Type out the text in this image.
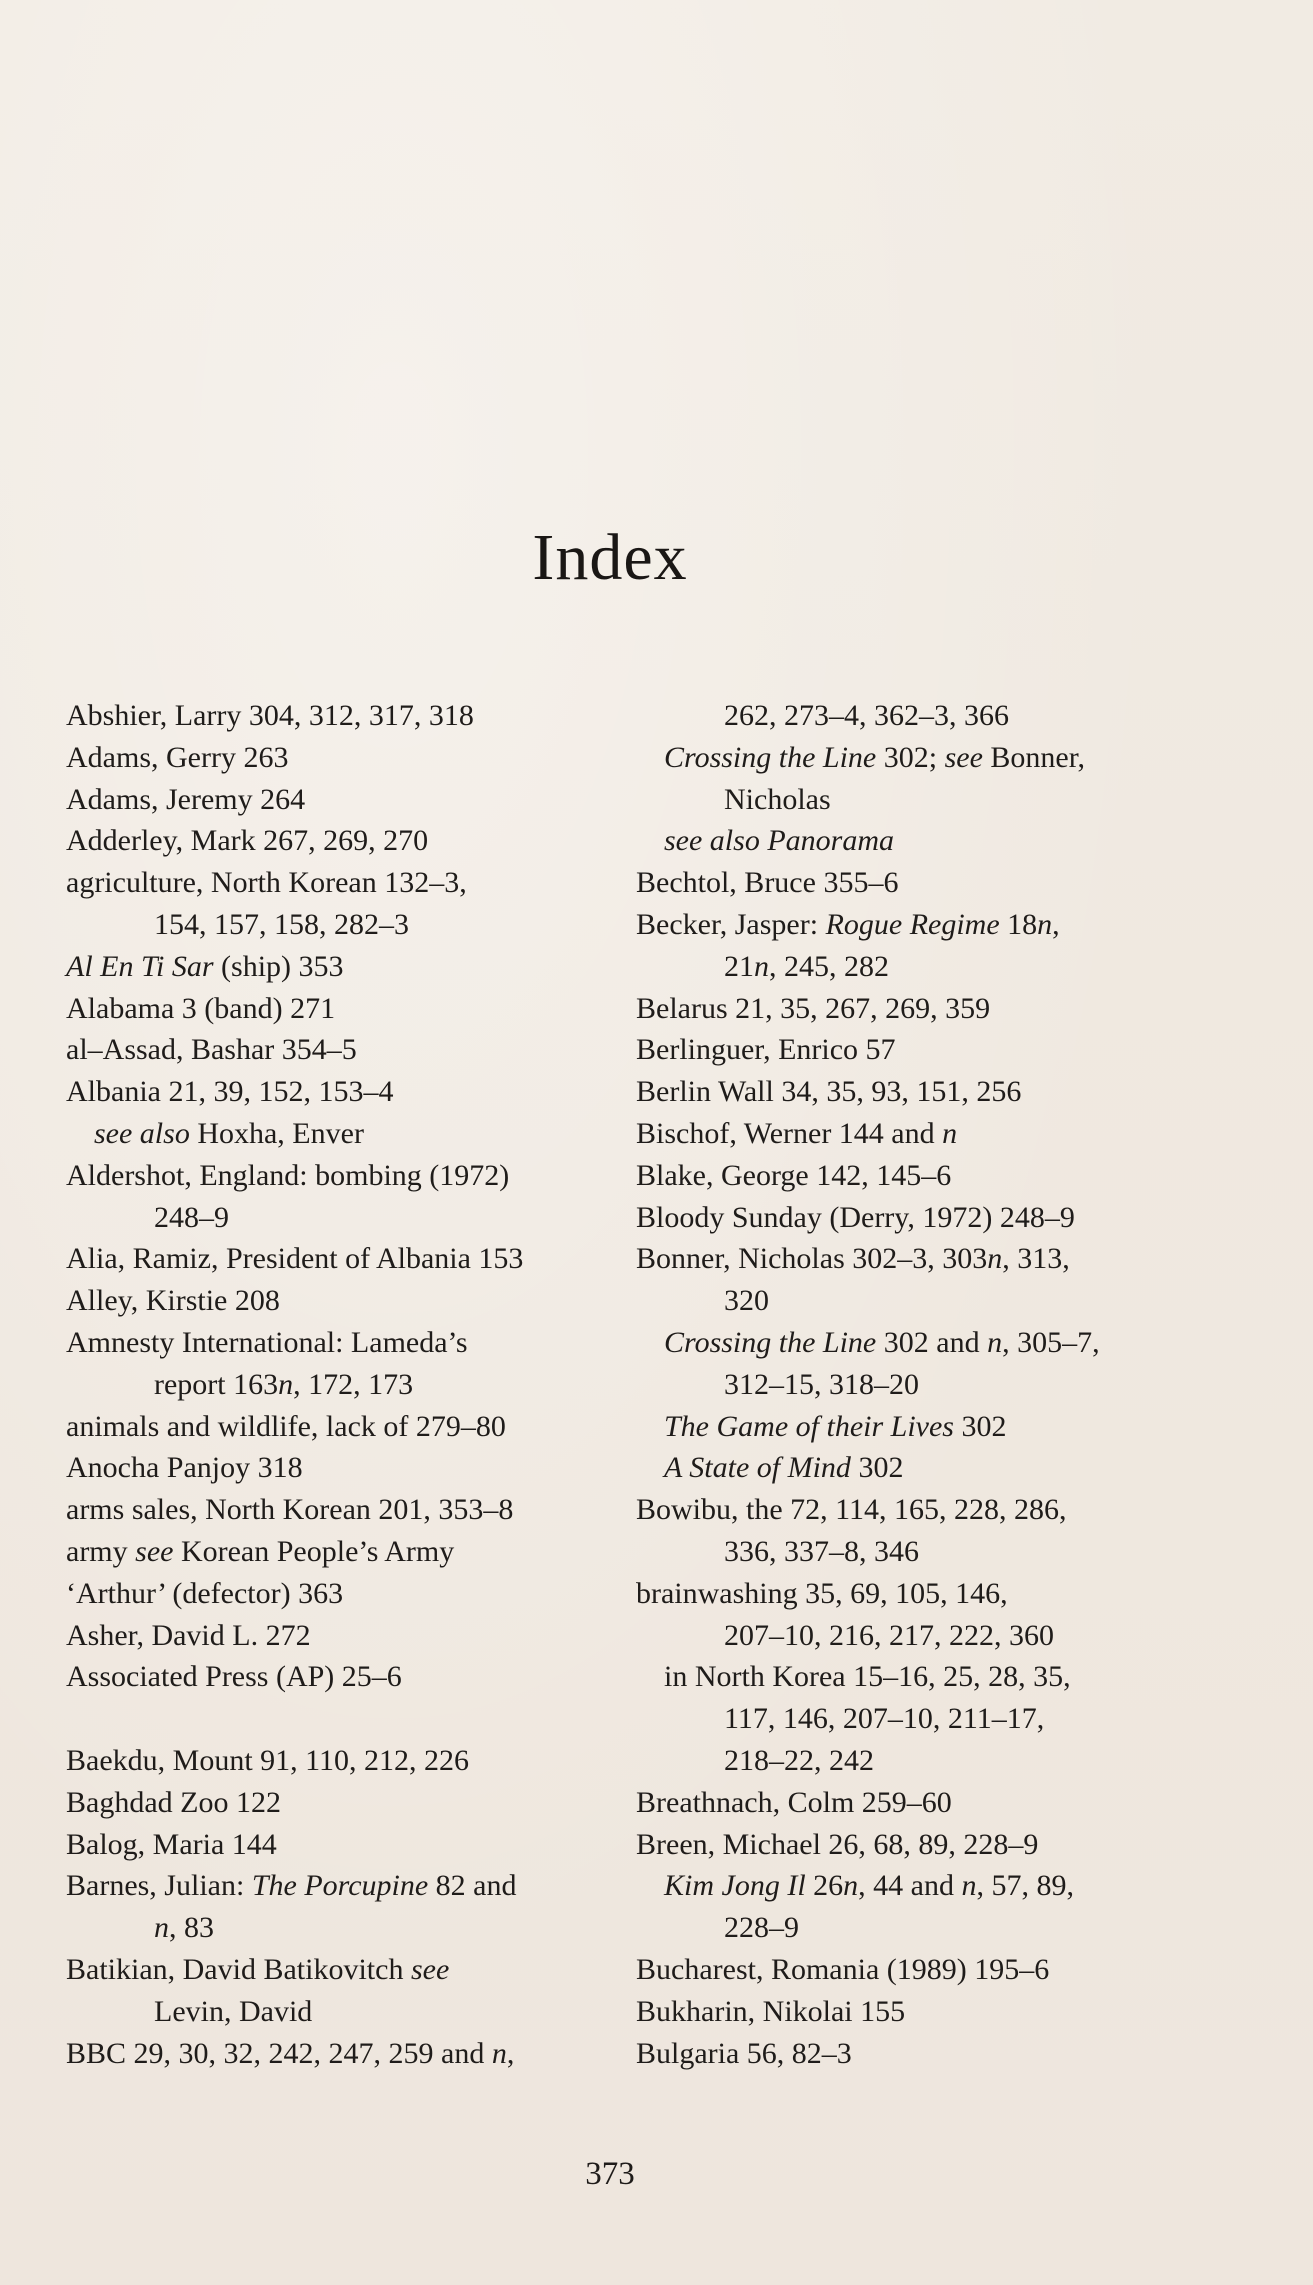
Index
Abshier, Larry 304, 312, 317, 318
Adams, Gerry 263
Adams, Jeremy 264
Adderley, Mark 267, 269, 270
agriculture, North Korean 132–3,
154, 157, 158, 282–3
Al En Ti Sar (ship) 353
Alabama 3 (band) 271
al–Assad, Bashar 354–5
Albania 21, 39, 152, 153–4
see also Hoxha, Enver
Aldershot, England: bombing (1972)
248–9
Alia, Ramiz, President of Albania 153
Alley, Kirstie 208
Amnesty International: Lameda’s
report 163n, 172, 173
animals and wildlife, lack of 279–80
Anocha Panjoy 318
arms sales, North Korean 201, 353–8
army see Korean People’s Army
‘Arthur’ (defector) 363
Asher, David L. 272
Associated Press (AP) 25–6
Baekdu, Mount 91, 110, 212, 226
Baghdad Zoo 122
Balog, Maria 144
Barnes, Julian: The Porcupine 82 and
n, 83
Batikian, David Batikovitch see
Levin, David
BBC 29, 30, 32, 242, 247, 259 and n,
262, 273–4, 362–3, 366
Crossing the Line 302; see Bonner,
Nicholas
see also Panorama
Bechtol, Bruce 355–6
Becker, Jasper: Rogue Regime 18n,
21n, 245, 282
Belarus 21, 35, 267, 269, 359
Berlinguer, Enrico 57
Berlin Wall 34, 35, 93, 151, 256
Bischof, Werner 144 and n
Blake, George 142, 145–6
Bloody Sunday (Derry, 1972) 248–9
Bonner, Nicholas 302–3, 303n, 313,
320
Crossing the Line 302 and n, 305–7,
312–15, 318–20
The Game of their Lives 302
A State of Mind 302
Bowibu, the 72, 114, 165, 228, 286,
336, 337–8, 346
brainwashing 35, 69, 105, 146,
207–10, 216, 217, 222, 360
in North Korea 15–16, 25, 28, 35,
117, 146, 207–10, 211–17,
218–22, 242
Breathnach, Colm 259–60
Breen, Michael 26, 68, 89, 228–9
Kim Jong Il 26n, 44 and n, 57, 89,
228–9
Bucharest, Romania (1989) 195–6
Bukharin, Nikolai 155
Bulgaria 56, 82–3
373
